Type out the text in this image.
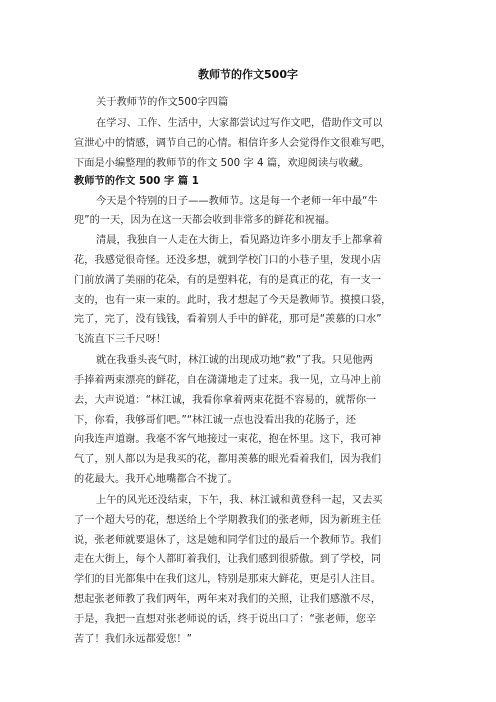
教师节的作文500字
关于教师节的作文500字四篇
在学习、工作、生活中，大家都尝试过写作文吧，借助作文可以
宣泄心中的情感，调节自己的心情。相信许多人会觉得作文很难写吧，
下面是小编整理的教师节的作文 500 字 4 篇，欢迎阅读与收藏。
教师节的作文 500 字 篇 1
今天是个特别的日子——教师节。这是每一个老师一年中最“牛
兜”的一天，因为在这一天都会收到非常多的鲜花和祝福。
清晨，我独自一人走在大街上，看见路边许多小朋友手上都拿着
花，我感觉很奇怪。还没多想，就到学校门口的小巷子里，发现小店
门前放满了美丽的花朵，有的是塑料花，有的是真正的花，有一支一
支的，也有一束一束的。此时，我才想起了今天是教师节。摸摸口袋，
完了，完了，没有钱钱，看着别人手中的鲜花，那可是“羡慕的口水”
飞流直下三千尺呀！
就在我垂头丧气时，林江诚的出现成功地“救”了我。只见他两
手捧着两束漂亮的鲜花，自在潇潇地走了过来。我一见，立马冲上前
去，大声说道：“林江诚，我看你拿着两束花挺不容易的，就帮你一
下，你看，我够哥们吧。”“林江诚一点也没看出我的花肠子，还
向我连声道谢。我毫不客气地接过一束花，抱在怀里。这下，我可神
气了，别人都以为是我买的花，都用羡慕的眼光看着我们，因为我们
的花最大。我开心地嘴都合不拢了。
上午的风光还没结束，下午，我、林江诚和黄登科一起，又去买
了一个超大号的花，想送给上个学期教我们的张老师，因为新班主任
说，张老师就要退休了，这是她和同学们过的最后一个教师节。我们
走在大街上，每个人都盯着我们，让我们感到很骄傲。到了学校，同
学们的目光都集中在我们这儿，特别是那束大鲜花，更是引人注目。
想起张老师教了我们两年，两年来对我们的关照，让我们感激不尽，
于是，我把一直想对张老师说的话，终于说出口了：“张老师，您辛
苦了！我们永远都爱您！”
